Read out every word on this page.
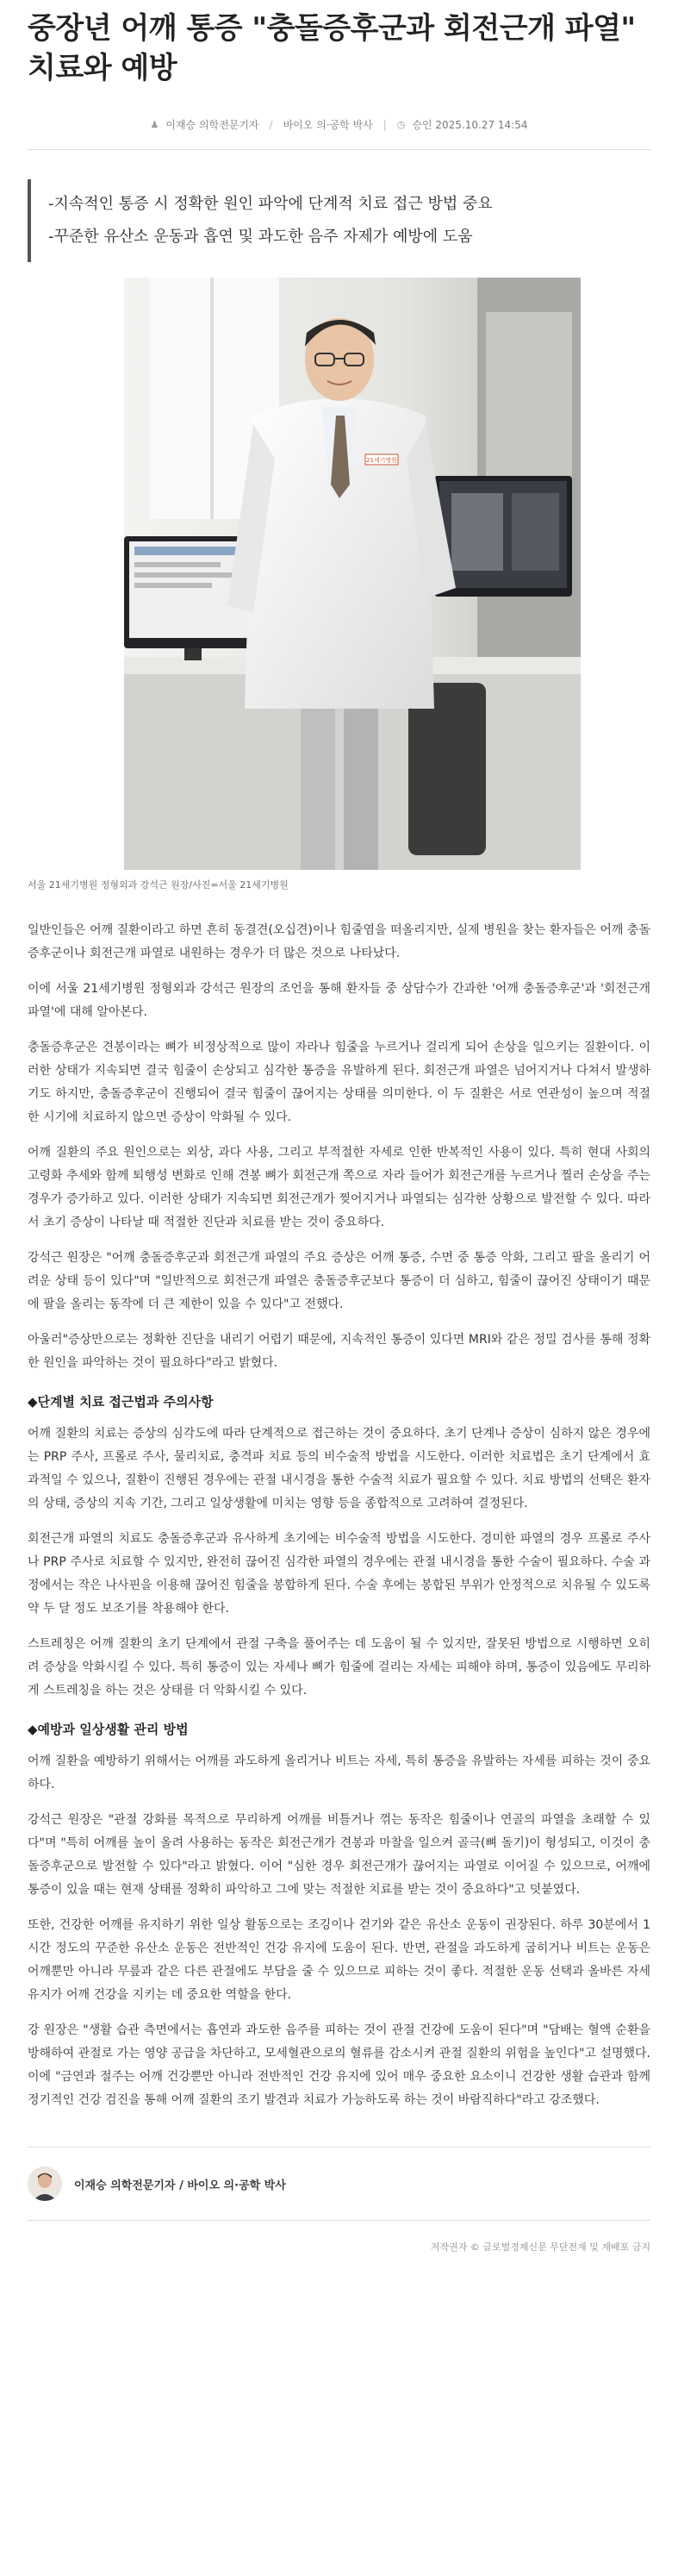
중장년 어깨 통증 "충돌증후군과 회전근개 파열" 치료와 예방
♟ 이재승 의학전문기자 / 바이오 의·공학 박사 | ◷ 승인 2025.10.27 14:54

-지속적인 통증 시 정확한 원인 파악에 단계적 치료 접근 방법 중요

-꾸준한 유산소 운동과 흡연 및 과도한 음주 자제가 예방에 도움

21세기병원
서울 21세기병원 정형외과 강석근 원장/사진=서울 21세기병원

일반인들은 어깨 질환이라고 하면 흔히 동결견(오십견)이나 힘줄염을 떠올리지만, 실제 병원을 찾는 환자들은 어깨 충돌증후군이나 회전근개 파열로 내원하는 경우가 더 많은 것으로 나타났다.

이에 서울 21세기병원 정형외과 강석근 원장의 조언을 통해 환자들 중 상담수가 간과한 '어깨 충돌증후군'과 '회전근개 파열'에 대해 알아본다.

충돌증후군은 견봉이라는 뼈가 비정상적으로 많이 자라나 힘줄을 누르거나 걸리게 되어 손상을 일으키는 질환이다. 이러한 상태가 지속되면 결국 힘줄이 손상되고 심각한 통증을 유발하게 된다. 회전근개 파열은 넘어지거나 다쳐서 발생하기도 하지만, 충돌증후군이 진행되어 결국 힘줄이 끊어지는 상태를 의미한다. 이 두 질환은 서로 연관성이 높으며 적절한 시기에 치료하지 않으면 증상이 악화될 수 있다.

어깨 질환의 주요 원인으로는 외상, 과다 사용, 그리고 부적절한 자세로 인한 반복적인 사용이 있다. 특히 현대 사회의 고령화 추세와 함께 퇴행성 변화로 인해 견봉 뼈가 회전근개 쪽으로 자라 들어가 회전근개를 누르거나 찔러 손상을 주는 경우가 증가하고 있다. 이러한 상태가 지속되면 회전근개가 찢어지거나 파열되는 심각한 상황으로 발전할 수 있다. 따라서 초기 증상이 나타날 때 적절한 진단과 치료를 받는 것이 중요하다.

강석근 원장은 "어깨 충돌증후군과 회전근개 파열의 주요 증상은 어깨 통증, 수면 중 통증 악화, 그리고 팔을 올리기 어려운 상태 등이 있다"며 "일반적으로 회전근개 파열은 충돌증후군보다 통증이 더 심하고, 힘줄이 끊어진 상태이기 때문에 팔을 올리는 동작에 더 큰 제한이 있을 수 있다"고 전했다.

아울러"증상만으로는 정확한 진단을 내리기 어렵기 때문에, 지속적인 통증이 있다면 MRI와 같은 정밀 검사를 통해 정확한 원인을 파악하는 것이 필요하다"라고 밝혔다.

◆단계별 치료 접근법과 주의사항

어깨 질환의 치료는 증상의 심각도에 따라 단계적으로 접근하는 것이 중요하다. 초기 단계나 증상이 심하지 않은 경우에는 PRP 주사, 프롤로 주사, 물리치료, 충격파 치료 등의 비수술적 방법을 시도한다. 이러한 치료법은 초기 단계에서 효과적일 수 있으나, 질환이 진행된 경우에는 관절 내시경을 통한 수술적 치료가 필요할 수 있다. 치료 방법의 선택은 환자의 상태, 증상의 지속 기간, 그리고 일상생활에 미치는 영향 등을 종합적으로 고려하여 결정된다.

회전근개 파열의 치료도 충돌증후군과 유사하게 초기에는 비수술적 방법을 시도한다. 경미한 파열의 경우 프롤로 주사나 PRP 주사로 치료할 수 있지만, 완전히 끊어진 심각한 파열의 경우에는 관절 내시경을 통한 수술이 필요하다. 수술 과정에서는 작은 나사핀을 이용해 끊어진 힘줄을 봉합하게 된다. 수술 후에는 봉합된 부위가 안정적으로 치유될 수 있도록 약 두 달 정도 보조기를 착용해야 한다.

스트레칭은 어깨 질환의 초기 단계에서 관절 구축을 풀어주는 데 도움이 될 수 있지만, 잘못된 방법으로 시행하면 오히려 증상을 악화시킬 수 있다. 특히 통증이 있는 자세나 뼈가 힘줄에 걸리는 자세는 피해야 하며, 통증이 있음에도 무리하게 스트레칭을 하는 것은 상태를 더 악화시킬 수 있다.

◆예방과 일상생활 관리 방법

어깨 질환을 예방하기 위해서는 어깨를 과도하게 올리거나 비트는 자세, 특히 통증을 유발하는 자세를 피하는 것이 중요하다.

강석근 원장은 "관절 강화를 목적으로 무리하게 어깨를 비틀거나 꺾는 동작은 힘줄이나 연골의 파열을 초래할 수 있다"며 "특히 어깨를 높이 올려 사용하는 동작은 회전근개가 견봉과 마찰을 일으켜 골극(뼈 돌기)이 형성되고, 이것이 충돌증후군으로 발전할 수 있다"라고 밝혔다. 이어 "심한 경우 회전근개가 끊어지는 파열로 이어질 수 있으므로, 어깨에 통증이 있을 때는 현재 상태를 정확히 파악하고 그에 맞는 적절한 치료를 받는 것이 중요하다"고 덧붙였다.

또한, 건강한 어깨를 유지하기 위한 일상 활동으로는 조깅이나 걷기와 같은 유산소 운동이 권장된다. 하루 30분에서 1시간 정도의 꾸준한 유산소 운동은 전반적인 건강 유지에 도움이 된다. 반면, 관절을 과도하게 굽히거나 비트는 운동은 어깨뿐만 아니라 무릎과 같은 다른 관절에도 부담을 줄 수 있으므로 피하는 것이 좋다. 적절한 운동 선택과 올바른 자세 유지가 어깨 건강을 지키는 데 중요한 역할을 한다.

강 원장은 "생활 습관 측면에서는 흡연과 과도한 음주를 피하는 것이 관절 건강에 도움이 된다"며 "담배는 혈액 순환을 방해하여 관절로 가는 영양 공급을 차단하고, 모세혈관으로의 혈류를 감소시켜 관절 질환의 위험을 높인다"고 설명했다. 이에 "금연과 절주는 어깨 건강뿐만 아니라 전반적인 건강 유지에 있어 매우 중요한 요소이니 건강한 생활 습관과 함께 정기적인 건강 검진을 통해 어깨 질환의 조기 발견과 치료가 가능하도록 하는 것이 바람직하다"라고 강조했다.

이재승 의학전문기자 / 바이오 의·공학 박사
저작권자 © 글로벌경제신문 무단전재 및 재배포 금지
